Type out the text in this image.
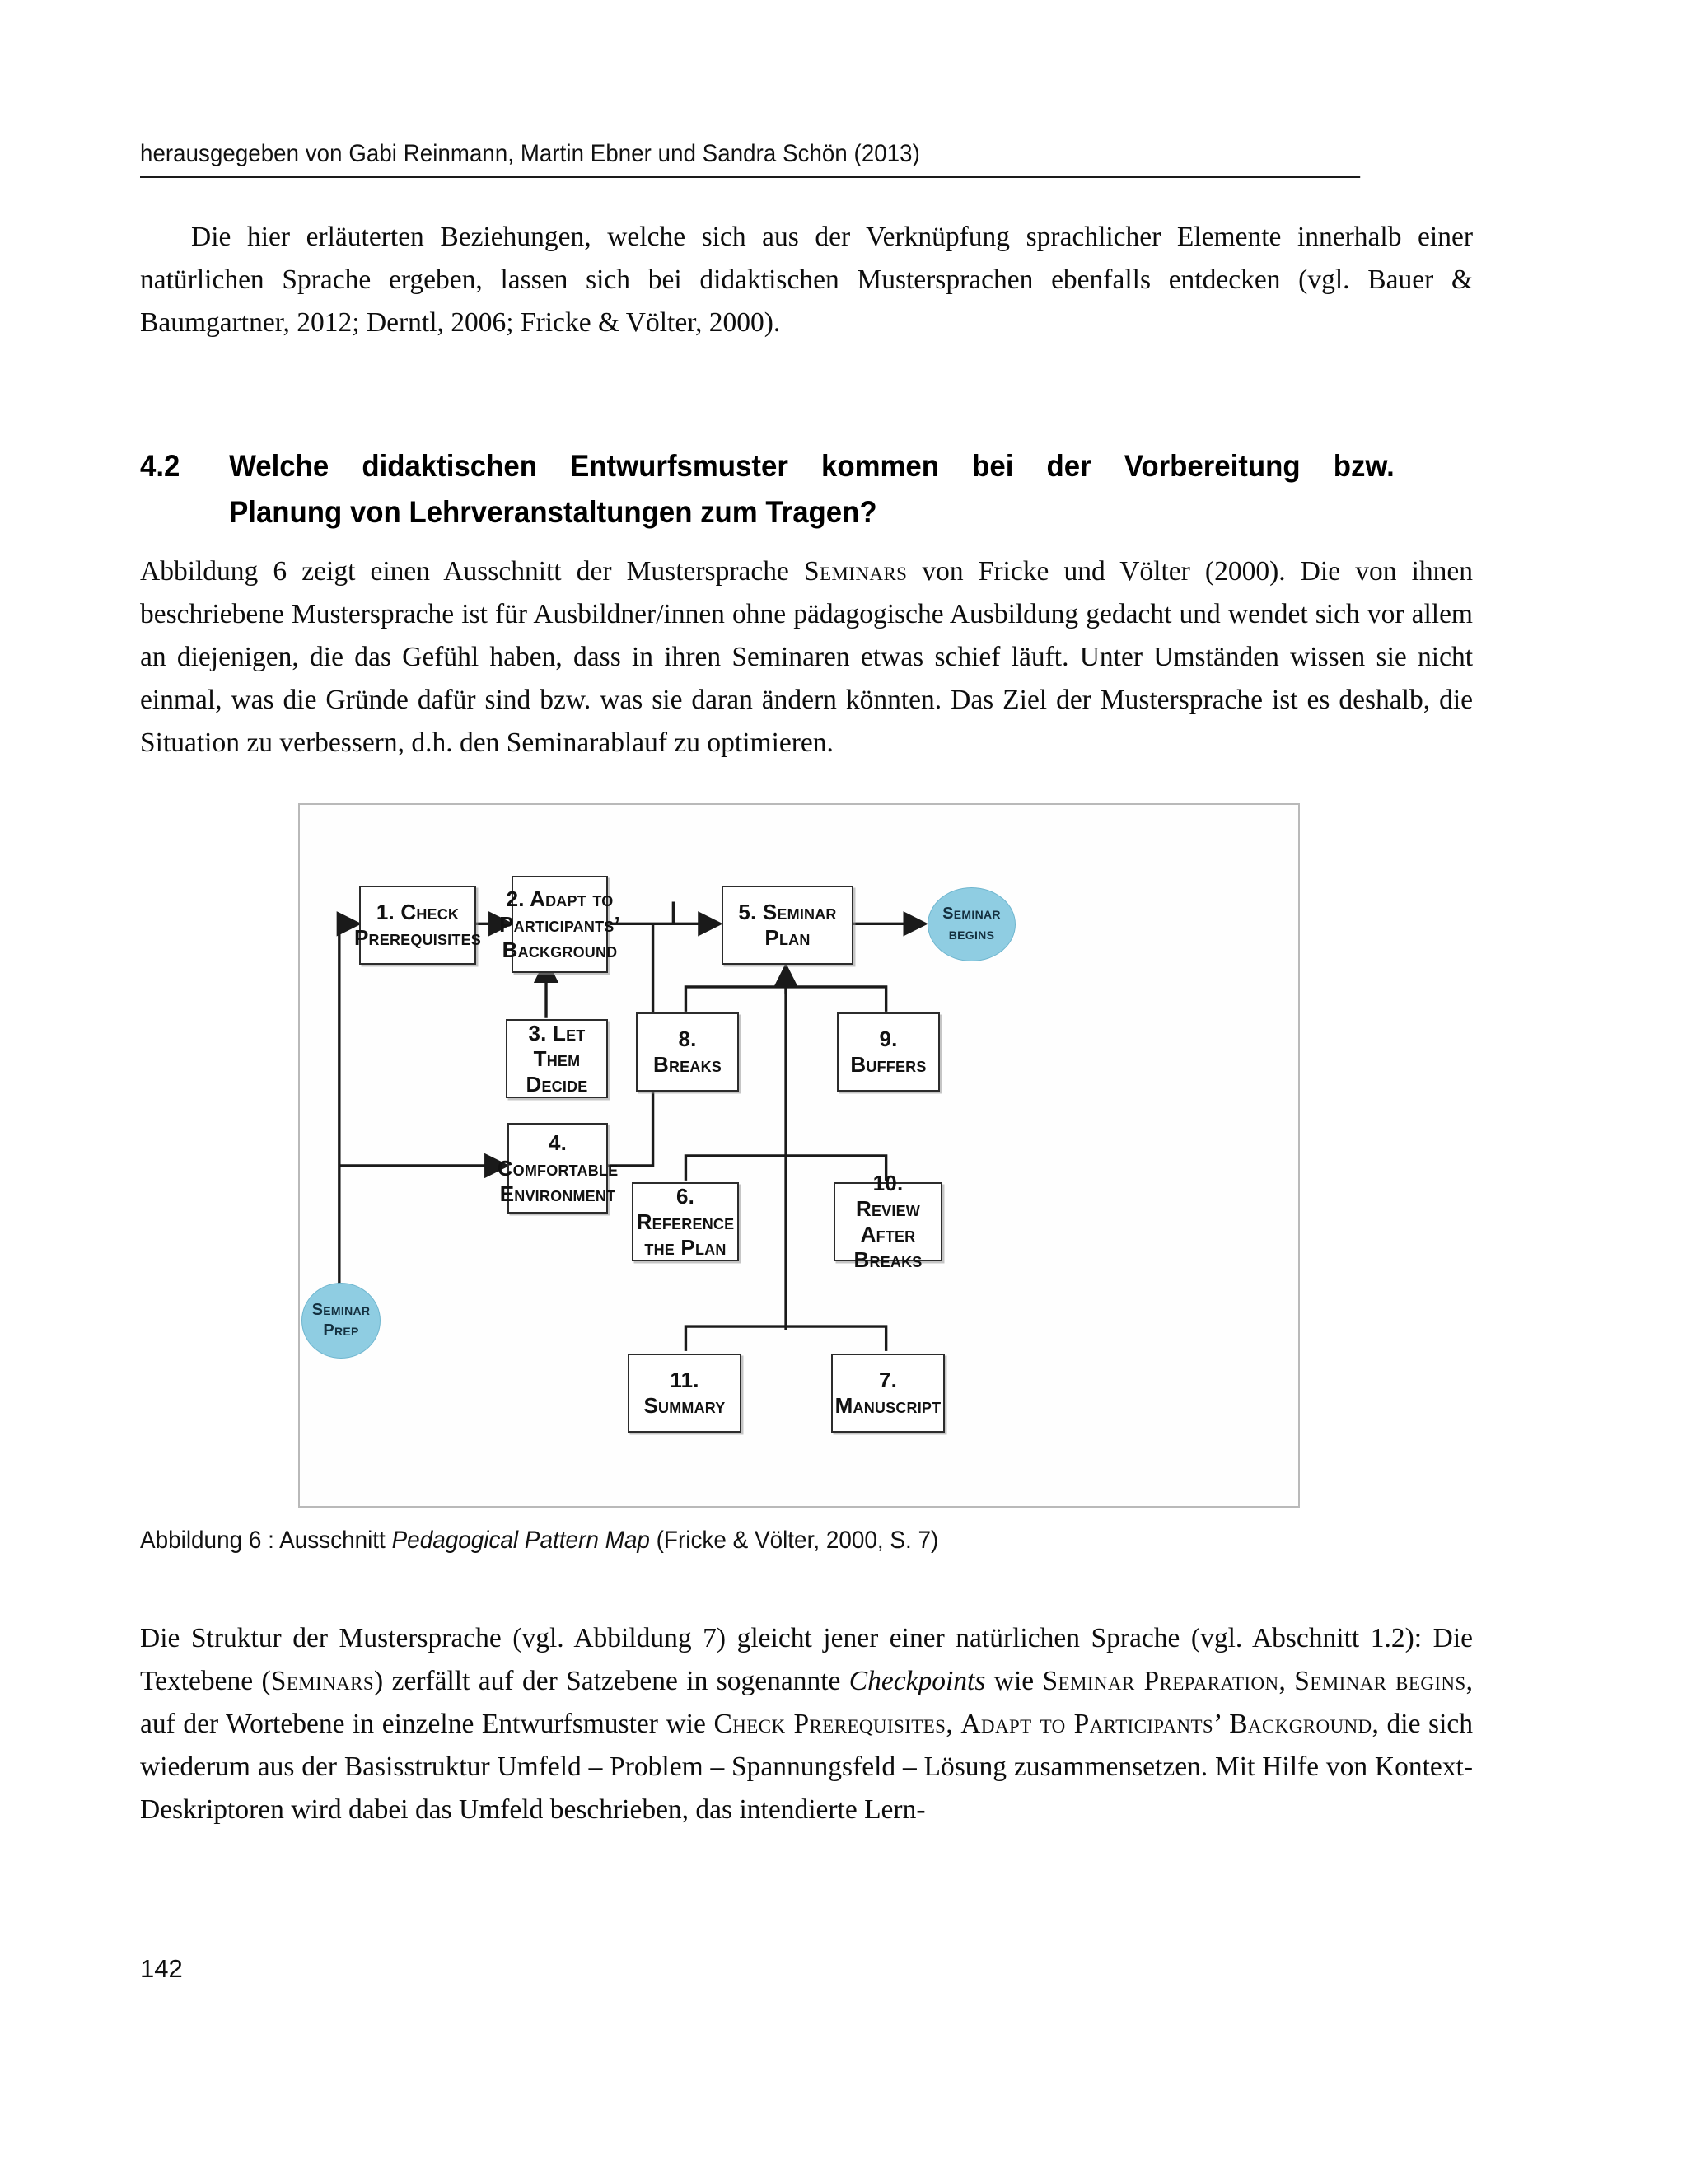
herausgegeben von Gabi Reinmann, Martin Ebner und Sandra Schön (2013)
Die hier erläuterten Beziehungen, welche sich aus der Verknüpfung sprachlicher Elemente innerhalb einer natürlichen Sprache ergeben, lassen sich bei didaktischen Mustersprachen ebenfalls entdecken (vgl. Bauer & Baumgartner, 2012; Derntl, 2006; Fricke & Völter, 2000).
4.2	Welche didaktischen Entwurfsmuster kommen bei der Vorbereitung bzw.
Planung von Lehrveranstaltungen zum Tragen?
Abbildung 6 zeigt einen Ausschnitt der Mustersprache Seminars von Fricke und Völter (2000). Die von ihnen beschriebene Mustersprache ist für Ausbildner/innen ohne pädagogische Ausbildung gedacht und wendet sich vor allem an diejenigen, die das Gefühl haben, dass in ihren Seminaren etwas schief läuft. Unter Umständen wissen sie nicht einmal, was die Gründe dafür sind bzw. was sie daran ändern könnten. Das Ziel der Mustersprache ist es deshalb, die Situation zu verbessern, d.h. den Seminarablauf zu optimieren.
1. Check
Prerequisites
2. Adapt to
Participants’
Background
3. Let Them
Decide
4.
Comfortable
Environment
5. Seminar
Plan
8. Breaks
9. Buffers
6. Reference
the Plan
10. Review
After Breaks
11. Summary
7. Manuscript
Seminar begins
Seminar Prep
Abbildung 6 : Ausschnitt Pedagogical Pattern Map (Fricke & Völter, 2000, S. 7)
Die Struktur der Mustersprache (vgl. Abbildung 7) gleicht jener einer natürlichen Sprache (vgl. Abschnitt 1.2): Die Textebene (Seminars) zerfällt auf der Satzebene in sogenannte Checkpoints wie Seminar Preparation, Seminar begins, auf der Wortebene in einzelne Entwurfsmuster wie Check Prerequisites, Adapt to Participants’ Background, die sich wiederum aus der Basisstruktur Umfeld – Problem – Spannungsfeld – Lösung zusammensetzen. Mit Hilfe von Kontext-Deskriptoren wird dabei das Umfeld beschrieben, das intendierte Lern-
142
